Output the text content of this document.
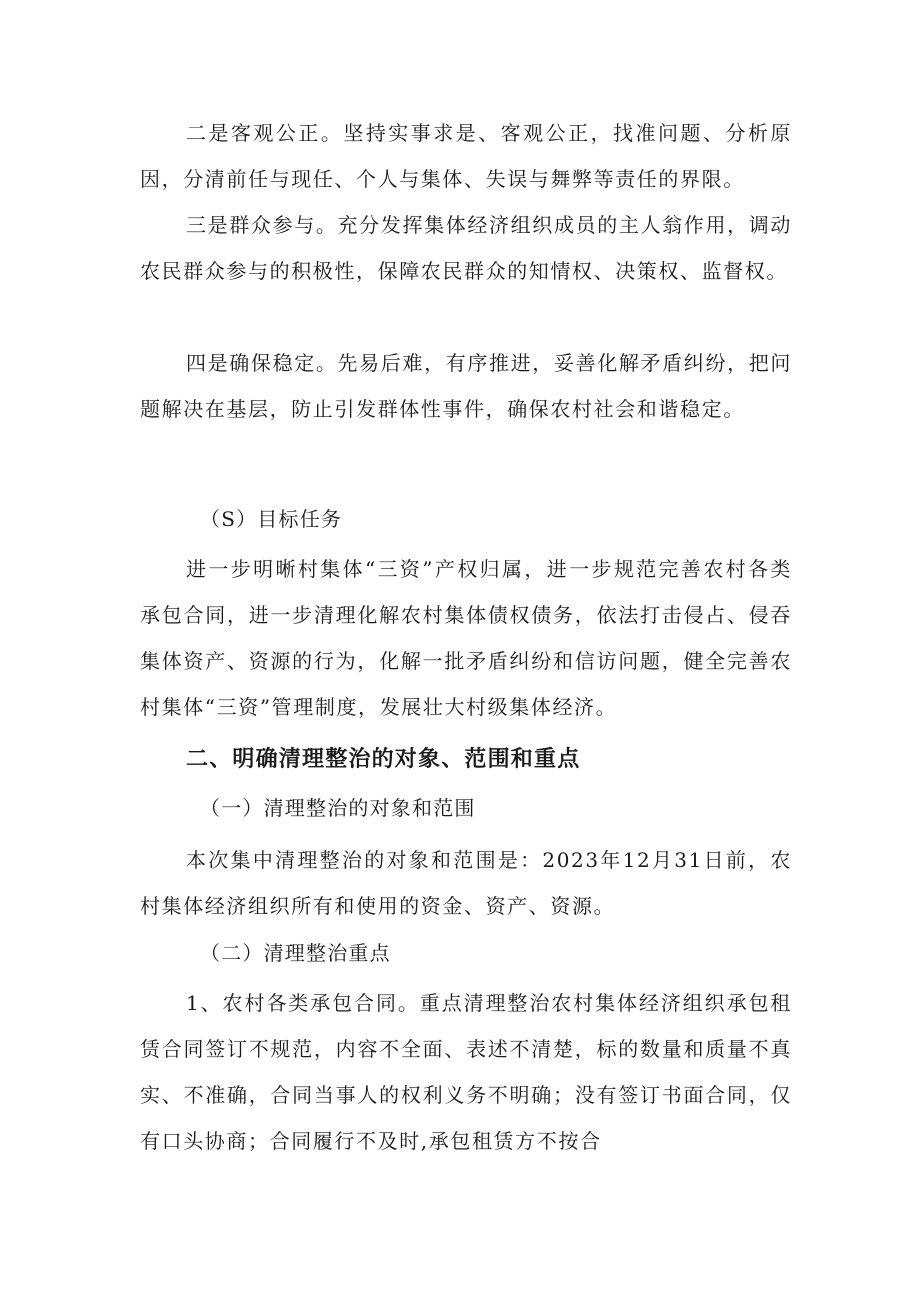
二是客观公正。坚持实事求是、客观公正，找准问题、分析原因，分清前任与现任、个人与集体、失误与舞弊等责任的界限。

三是群众参与。充分发挥集体经济组织成员的主人翁作用，调动农民群众参与的积极性，保障农民群众的知情权、决策权、监督权。

四是确保稳定。先易后难，有序推进，妥善化解矛盾纠纷，把问题解决在基层，防止引发群体性事件，确保农村社会和谐稳定。

（S）目标任务

进一步明晰村集体“三资”产权归属，进一步规范完善农村各类承包合同，进一步清理化解农村集体债权债务，依法打击侵占、侵吞集体资产、资源的行为，化解一批矛盾纠纷和信访问题，健全完善农村集体“三资”管理制度，发展壮大村级集体经济。

二、明确清理整治的对象、范围和重点

（一）清理整治的对象和范围

本次集中清理整治的对象和范围是：2023年12月31日前，农村集体经济组织所有和使用的资金、资产、资源。

（二）清理整治重点

1、农村各类承包合同。重点清理整治农村集体经济组织承包租赁合同签订不规范，内容不全面、表述不清楚，标的数量和质量不真实、不准确，合同当事人的权利义务不明确；没有签订书面合同，仅有口头协商；合同履行不及时,承包租赁方不按合
